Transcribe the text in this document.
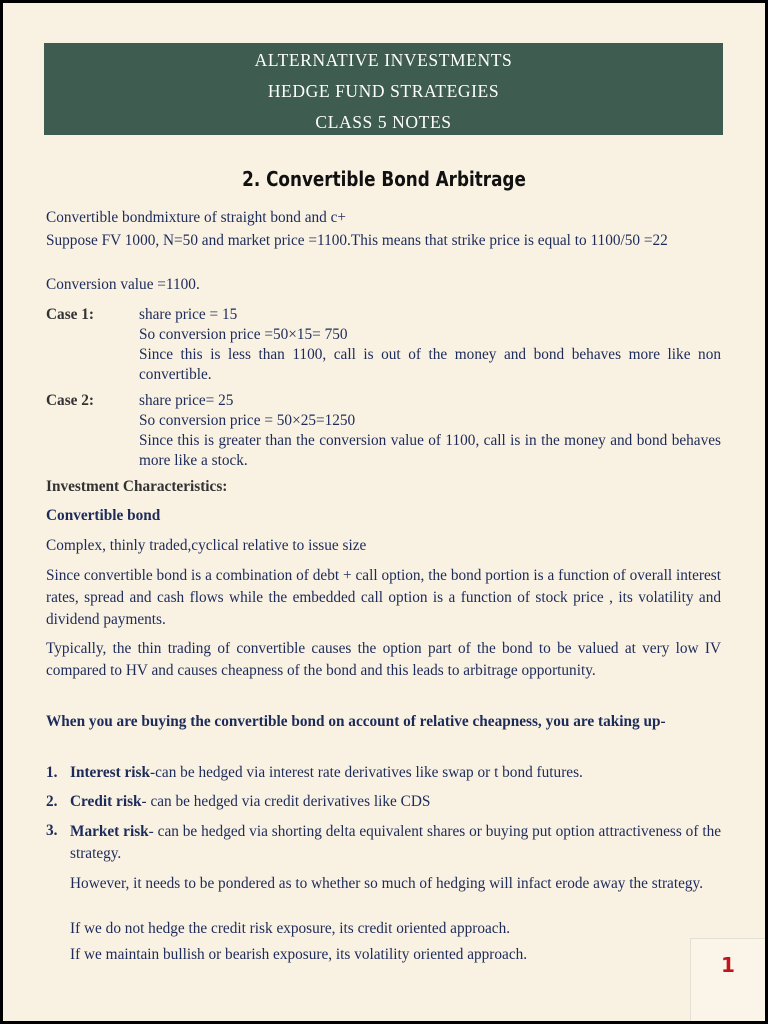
ALTERNATIVE INVESTMENTS
HEDGE FUND STRATEGIES
CLASS 5 NOTES
2. Convertible Bond Arbitrage
Convertible bondmixture of straight bond and c+
Suppose FV 1000, N=50 and market price =1100.This means that strike price is equal to 1100/50 =22
Conversion value =1100.
Case 1:	share price = 15
So conversion price =50×15= 750
Since this is less than 1100, call is out of the money and bond behaves more like non convertible.
Case 2:	share price= 25
So conversion price = 50×25=1250
Since this is greater than the conversion value of 1100, call is in the money and bond behaves more like a stock.
Investment Characteristics:
Convertible bond
Complex, thinly traded,cyclical relative to issue size
Since convertible bond is a combination of debt + call option, the bond portion is a function of overall interest rates, spread and cash flows while the embedded call option is a function of stock price , its volatility and dividend payments.
Typically, the thin trading of convertible causes the option part of the bond to be valued at very low IV compared to HV and causes cheapness of the bond and this leads to arbitrage opportunity.
When you are buying the convertible bond on account of relative cheapness, you are taking up-
1. Interest risk-can be hedged via interest rate derivatives like swap or t bond futures.
2. Credit risk- can be hedged via credit derivatives like CDS
3. Market risk- can be hedged via shorting delta equivalent shares or buying put option attractiveness of the strategy.
However, it needs to be pondered as to whether so much of hedging will infact erode away the strategy.
If we do not hedge the credit risk exposure, its credit oriented approach.
If we maintain bullish or bearish exposure, its volatility oriented approach.	1
